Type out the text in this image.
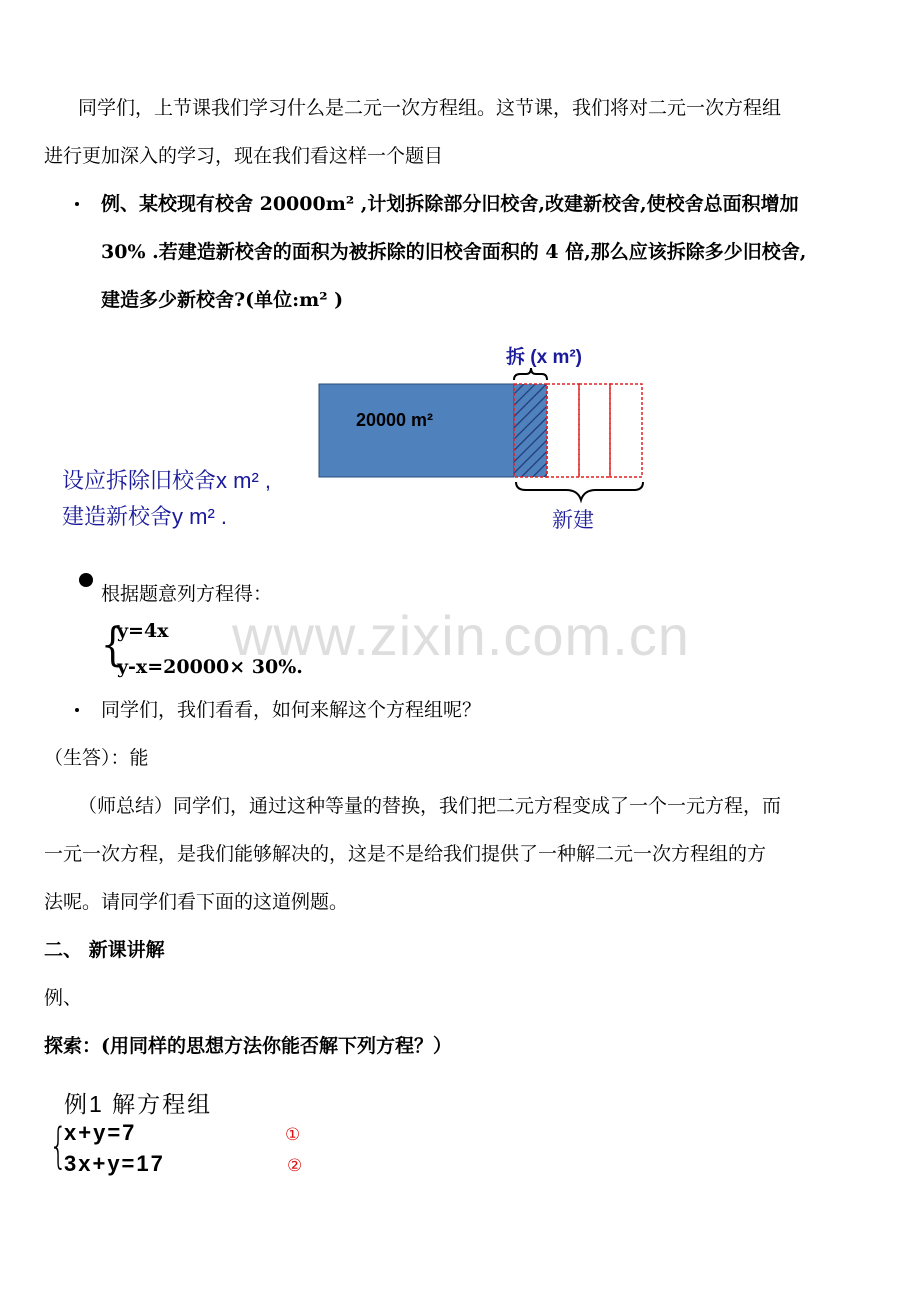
同学们，上节课我们学习什么是二元一次方程组。这节课，我们将对二元一次方程组
进行更加深入的学习，现在我们看这样一个题目
例、某校现有校舍 20000m² ,计划拆除部分旧校舍,改建新校舍,使校舍总面积增加
30% .若建造新校舍的面积为被拆除的旧校舍面积的 4 倍,那么应该拆除多少旧校舍,
建造多少新校舍?(单位:m² )
20000 m²
拆 (x m²)
新建
设应拆除旧校舍x m² ,
建造新校舍y m² .
根据题意列方程得：
{
y=4x
y-x=20000× 30%.
www.zixin.com.cn
同学们，我们看看，如何来解这个方程组呢？
（生答）：能
（师总结）同学们，通过这种等量的替换，我们把二元方程变成了一个一元方程，而
一元一次方程，是我们能够解决的，这是不是给我们提供了一种解二元一次方程组的方
法呢。请同学们看下面的这道例题。
二、 新课讲解
例、
探索：(用同样的思想方法你能否解下列方程？）
例1 解方程组
{
x+y=7
3x+y=17
①
②
